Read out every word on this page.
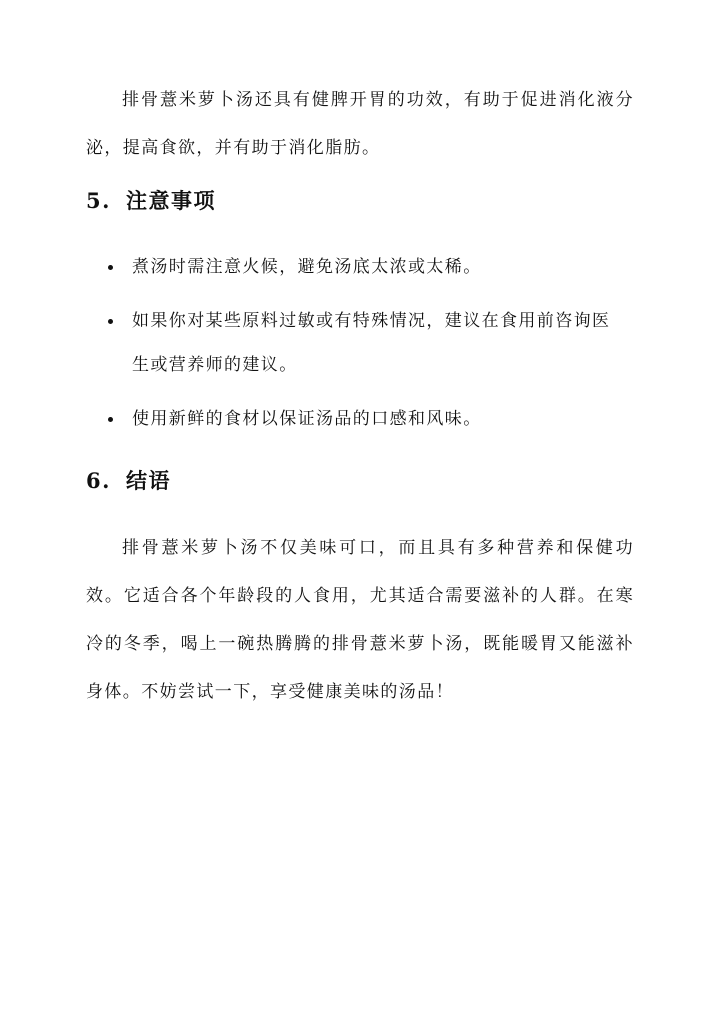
排骨薏米萝卜汤还具有健脾开胃的功效，有助于促进消化液分泌，提高食欲，并有助于消化脂肪。

5. 注意事项
煮汤时需注意火候，避免汤底太浓或太稀。
如果你对某些原料过敏或有特殊情况，建议在食用前咨询医生或营养师的建议。
使用新鲜的食材以保证汤品的口感和风味。
6. 结语

排骨薏米萝卜汤不仅美味可口，而且具有多种营养和保健功效。它适合各个年龄段的人食用，尤其适合需要滋补的人群。在寒冷的冬季，喝上一碗热腾腾的排骨薏米萝卜汤，既能暖胃又能滋补身体。不妨尝试一下，享受健康美味的汤品！
